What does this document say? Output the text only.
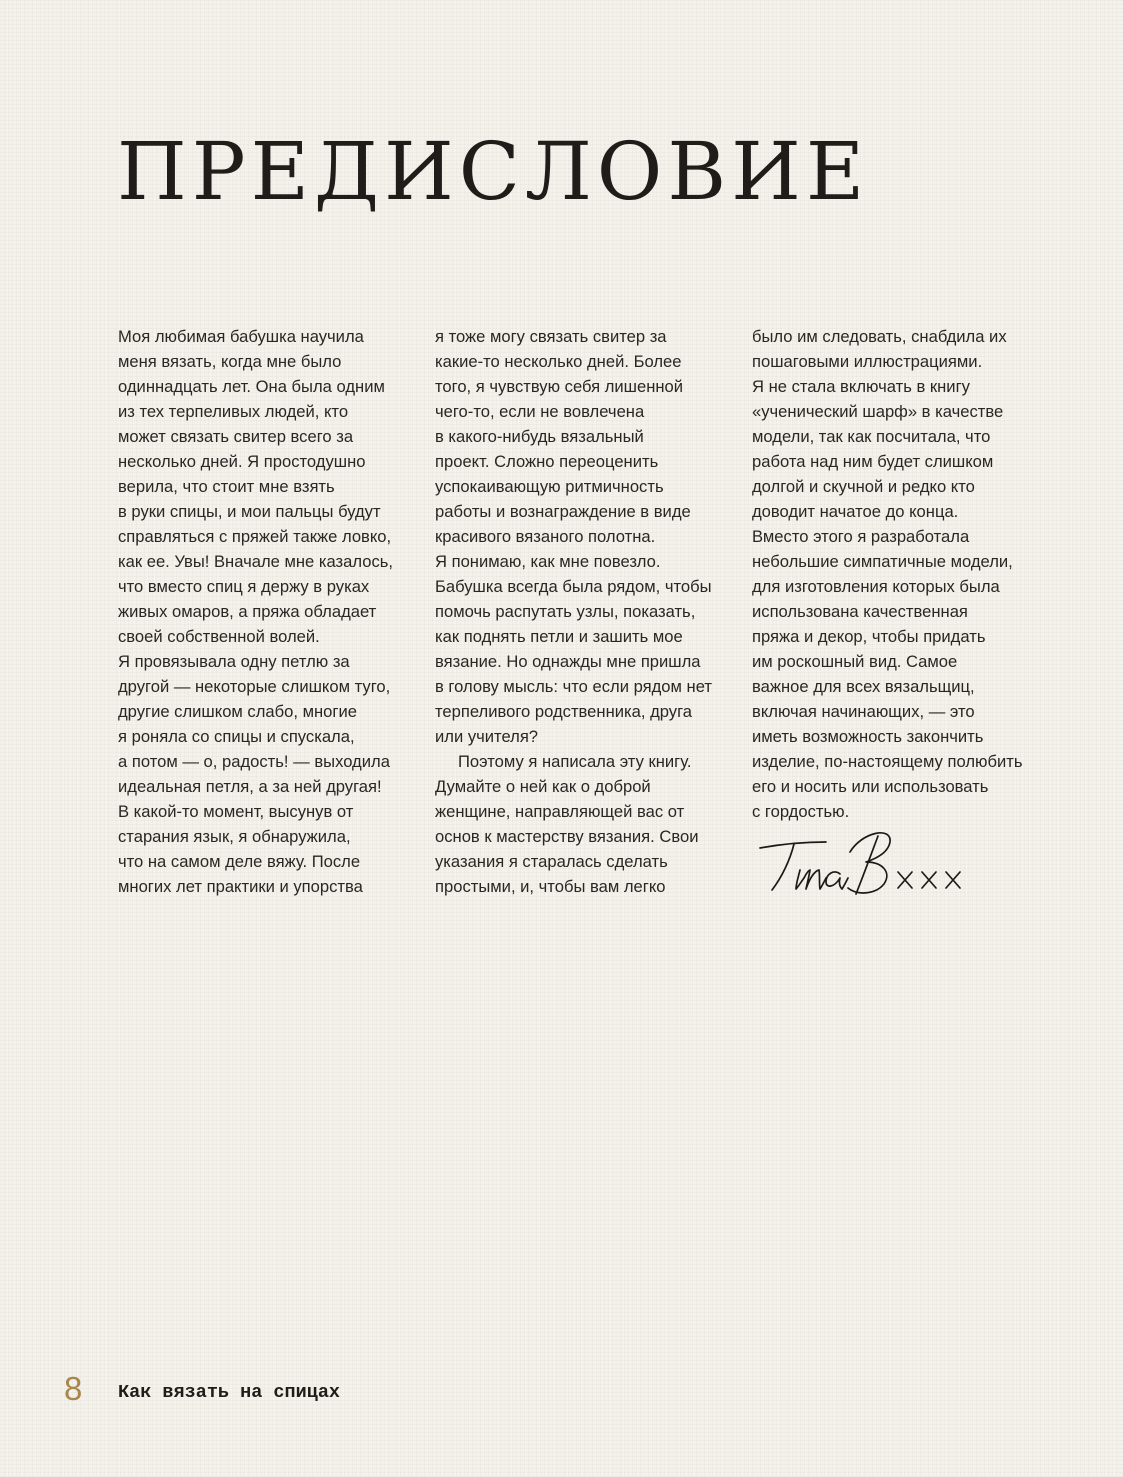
ПРЕДИСЛОВИЕ
Моя любимая бабушка научила
меня вязать, когда мне было
одиннадцать лет. Она была одним
из тех терпеливых людей, кто
может связать свитер всего за
несколько дней. Я простодушно
верила, что стоит мне взять
в руки спицы, и мои пальцы будут
справляться с пряжей также ловко,
как ее. Увы! Вначале мне казалось,
что вместо спиц я держу в руках
живых омаров, а пряжа обладает
своей собственной волей.
Я провязывала одну петлю за
другой — некоторые слишком туго,
другие слишком слабо, многие
я роняла со спицы и спускала,
а потом — о, радость! — выходила
идеальная петля, а за ней другая!
В какой-то момент, высунув от
старания язык, я обнаружила,
что на самом деле вяжу. После
многих лет практики и упорства
я тоже могу связать свитер за
какие-то несколько дней. Более
того, я чувствую себя лишенной
чего-то, если не вовлечена
в какого-нибудь вязальный
проект. Сложно переоценить
успокаивающую ритмичность
работы и вознаграждение в виде
красивого вязаного полотна.
Я понимаю, как мне повезло.
Бабушка всегда была рядом, чтобы
помочь распутать узлы, показать,
как поднять петли и зашить мое
вязание. Но однажды мне пришла
в голову мысль: что если рядом нет
терпеливого родственника, друга
или учителя?
Поэтому я написала эту книгу.
Думайте о ней как о доброй
женщине, направляющей вас от
основ к мастерству вязания. Свои
указания я старалась сделать
простыми, и, чтобы вам легко
было им следовать, снабдила их
пошаговыми иллюстрациями.
Я не стала включать в книгу
«ученический шарф» в качестве
модели, так как посчитала, что
работа над ним будет слишком
долгой и скучной и редко кто
доводит начатое до конца.
Вместо этого я разработала
небольшие симпатичные модели,
для изготовления которых была
использована качественная
пряжа и декор, чтобы придать
им роскошный вид. Самое
важное для всех вязальщиц,
включая начинающих, — это
иметь возможность закончить
изделие, по-настоящему полюбить
его и носить или использовать
с гордостью.
8 Как вязать на спицах
